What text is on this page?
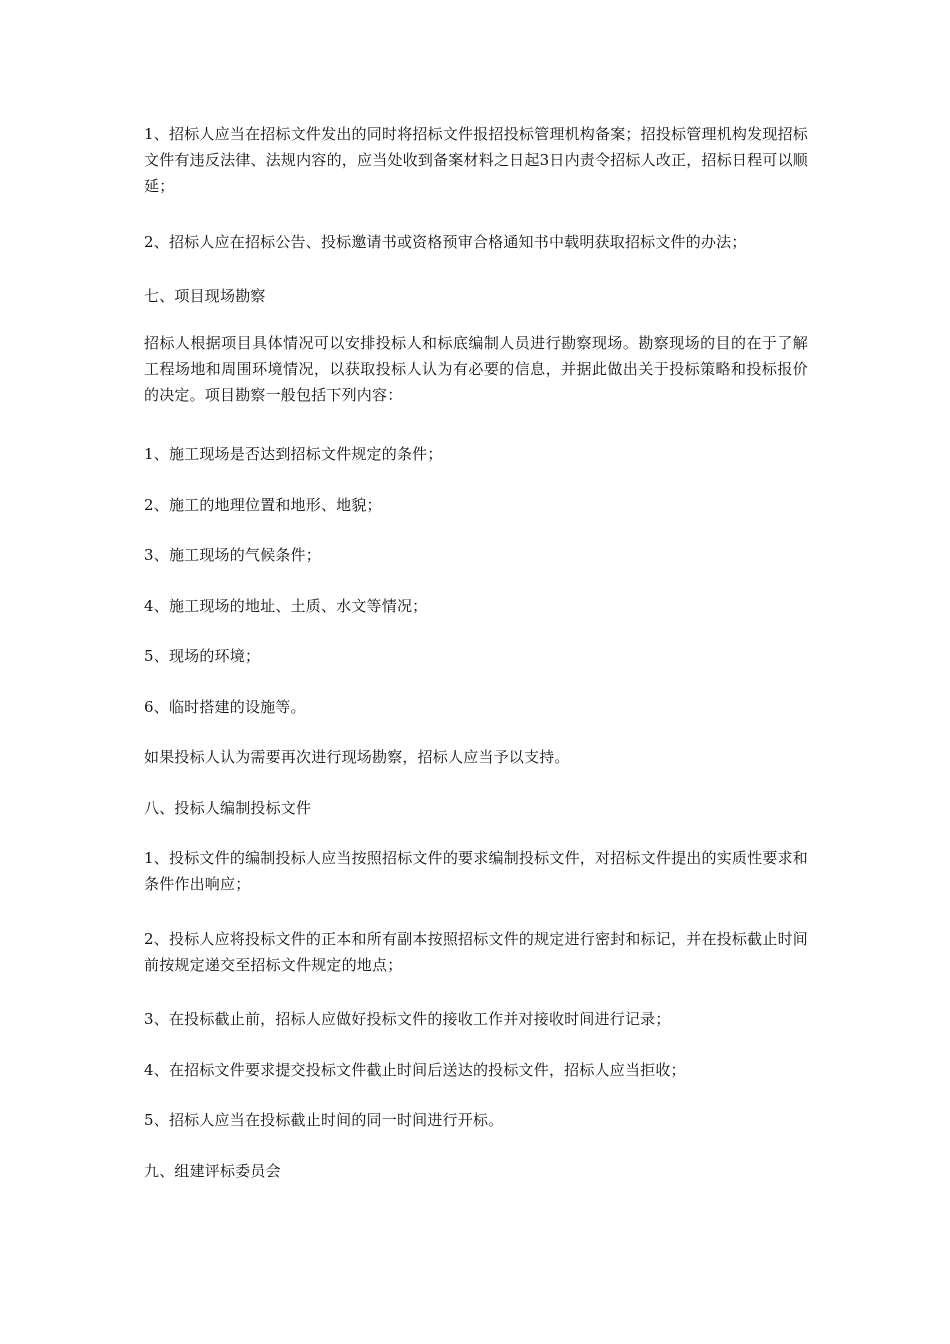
1、招标人应当在招标文件发出的同时将招标文件报招投标管理机构备案；招投标管理机构发现招标文件有违反法律、法规内容的，应当处收到备案材料之日起3日内责令招标人改正，招标日程可以顺延；

2、招标人应在招标公告、投标邀请书或资格预审合格通知书中载明获取招标文件的办法；

七、项目现场勘察

招标人根据项目具体情况可以安排投标人和标底编制人员进行勘察现场。勘察现场的目的在于了解工程场地和周围环境情况，以获取投标人认为有必要的信息，并据此做出关于投标策略和投标报价的决定。项目勘察一般包括下列内容：

1、施工现场是否达到招标文件规定的条件；

2、施工的地理位置和地形、地貌；

3、施工现场的气候条件；

4、施工现场的地址、土质、水文等情况；

5、现场的环境；

6、临时搭建的设施等。

如果投标人认为需要再次进行现场勘察，招标人应当予以支持。

八、投标人编制投标文件

1、投标文件的编制投标人应当按照招标文件的要求编制投标文件，对招标文件提出的实质性要求和条件作出响应；

2、投标人应将投标文件的正本和所有副本按照招标文件的规定进行密封和标记，并在投标截止时间前按规定递交至招标文件规定的地点；

3、在投标截止前，招标人应做好投标文件的接收工作并对接收时间进行记录；

4、在招标文件要求提交投标文件截止时间后送达的投标文件，招标人应当拒收；

5、招标人应当在投标截止时间的同一时间进行开标。

九、组建评标委员会
